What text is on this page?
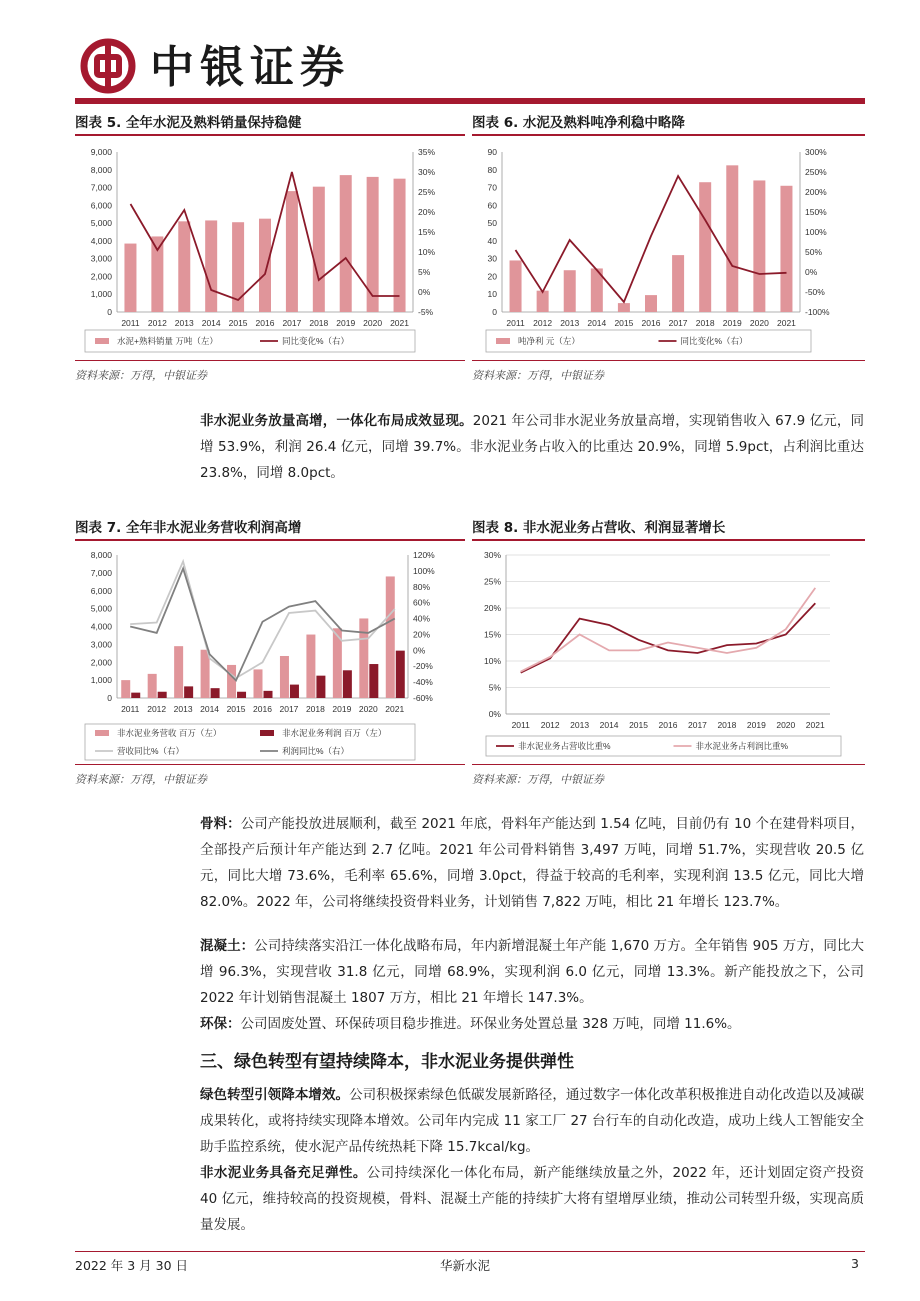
中银证券
图表 5. 全年水泥及熟料销量保持稳健	图表 6. 水泥及熟料吨净利稳中略降
0
1,000
2,000
3,000
4,000
5,000
6,000
7,000
8,000
9,000
-5%
0%
5%
10%
15%
20%
25%
30%
35%
2011 2012 2013 2014 2015 2016 2017 2018 2019 2020 2021
水泥+熟料销量 万吨（左）	同比变化%（右）
0
10
20
30
40
50
60
70
80
90
-100%
-50%
0%
50%
100%
150%
200%
250%
300%
2011 2012 2013 2014 2015 2016 2017 2018 2019 2020 2021
吨净利 元（左）	同比变化%（右）
资料来源：万得，中银证券	资料来源：万得，中银证券
非水泥业务放量高增，一体化布局成效显现。2021 年公司非水泥业务放量高增，实现销售收入 67.9 亿元，同增 53.9%，利润 26.4 亿元，同增 39.7%。非水泥业务占收入的比重达 20.9%，同增 5.9pct，占利润比重达 23.8%，同增 8.0pct。
图表 7. 全年非水泥业务营收利润高增	图表 8. 非水泥业务占营收、利润显著增长
0
1,000
2,000
3,000
4,000
5,000
6,000
7,000
8,000
-60%
-40%
-20%
0%
20%
40%
60%
80%
100%
120%
2011 2012 2013 2014 2015 2016 2017 2018 2019 2020 2021
非水泥业务营收 百万（左）	非水泥业务利润 百万（左）
营收同比%（右）	利润同比%（右）
0%
5%
10%
15%
20%
25%
30%
2011 2012 2013 2014 2015 2016 2017 2018 2019 2020 2021
非水泥业务占营收比重%	非水泥业务占利润比重%
资料来源：万得，中银证券	资料来源：万得，中银证券
骨料：公司产能投放进展顺利，截至 2021 年底，骨料年产能达到 1.54 亿吨，目前仍有 10 个在建骨料项目，全部投产后预计年产能达到 2.7 亿吨。2021 年公司骨料销售 3,497 万吨，同增 51.7%，实现营收 20.5 亿元，同比大增 73.6%，毛利率 65.6%，同增 3.0pct，得益于较高的毛利率，实现利润 13.5 亿元，同比大增 82.0%。2022 年，公司将继续投资骨料业务，计划销售 7,822 万吨，相比 21 年增长 123.7%。
混凝土：公司持续落实沿江一体化战略布局，年内新增混凝土年产能 1,670 万方。全年销售 905 万方，同比大增 96.3%，实现营收 31.8 亿元，同增 68.9%，实现利润 6.0 亿元，同增 13.3%。新产能投放之下，公司 2022 年计划销售混凝土 1807 万方，相比 21 年增长 147.3%。
环保：公司固废处置、环保砖项目稳步推进。环保业务处置总量 328 万吨，同增 11.6%。
三、绿色转型有望持续降本，非水泥业务提供弹性
绿色转型引领降本增效。公司积极探索绿色低碳发展新路径，通过数字一体化改革积极推进自动化改造以及减碳成果转化，或将持续实现降本增效。公司年内完成 11 家工厂 27 台行车的自动化改造，成功上线人工智能安全助手监控系统，使水泥产品传统热耗下降 15.7kcal/kg。
非水泥业务具备充足弹性。公司持续深化一体化布局，新产能继续放量之外，2022 年，还计划固定资产投资 40 亿元，维持较高的投资规模，骨料、混凝土产能的持续扩大将有望增厚业绩，推动公司转型升级，实现高质量发展。
2022 年 3 月 30 日	华新水泥	3
